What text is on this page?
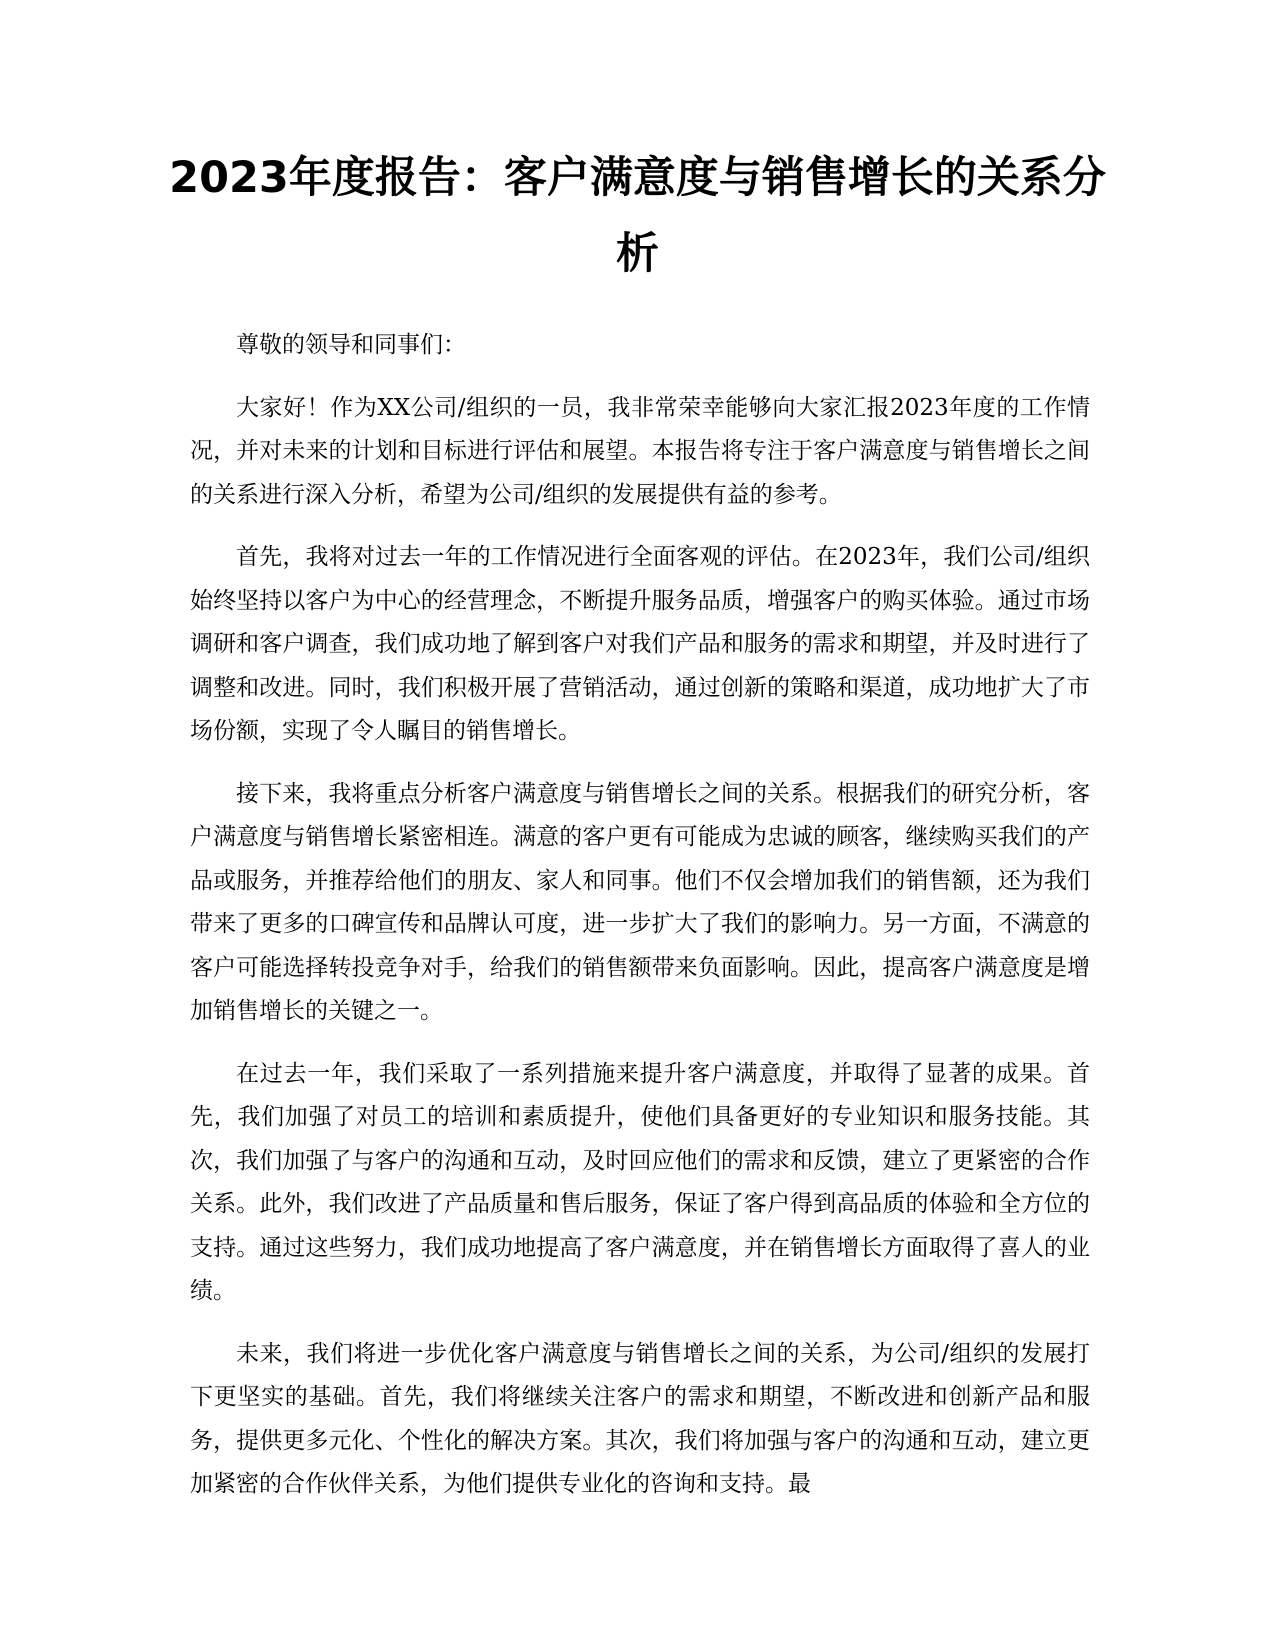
2023年度报告：客户满意度与销售增长的关系分析

尊敬的领导和同事们：

大家好！作为XX公司/组织的一员，我非常荣幸能够向大家汇报2023年度的工作情况，并对未来的计划和目标进行评估和展望。本报告将专注于客户满意度与销售增长之间的关系进行深入分析，希望为公司/组织的发展提供有益的参考。

首先，我将对过去一年的工作情况进行全面客观的评估。在2023年，我们公司/组织始终坚持以客户为中心的经营理念，不断提升服务品质，增强客户的购买体验。通过市场调研和客户调查，我们成功地了解到客户对我们产品和服务的需求和期望，并及时进行了调整和改进。同时，我们积极开展了营销活动，通过创新的策略和渠道，成功地扩大了市场份额，实现了令人瞩目的销售增长。

接下来，我将重点分析客户满意度与销售增长之间的关系。根据我们的研究分析，客户满意度与销售增长紧密相连。满意的客户更有可能成为忠诚的顾客，继续购买我们的产品或服务，并推荐给他们的朋友、家人和同事。他们不仅会增加我们的销售额，还为我们带来了更多的口碑宣传和品牌认可度，进一步扩大了我们的影响力。另一方面，不满意的客户可能选择转投竞争对手，给我们的销售额带来负面影响。因此，提高客户满意度是增加销售增长的关键之一。

在过去一年，我们采取了一系列措施来提升客户满意度，并取得了显著的成果。首先，我们加强了对员工的培训和素质提升，使他们具备更好的专业知识和服务技能。其次，我们加强了与客户的沟通和互动，及时回应他们的需求和反馈，建立了更紧密的合作关系。此外，我们改进了产品质量和售后服务，保证了客户得到高品质的体验和全方位的支持。通过这些努力，我们成功地提高了客户满意度，并在销售增长方面取得了喜人的业绩。

未来，我们将进一步优化客户满意度与销售增长之间的关系，为公司/组织的发展打下更坚实的基础。首先，我们将继续关注客户的需求和期望，不断改进和创新产品和服务，提供更多元化、个性化的解决方案。其次，我们将加强与客户的沟通和互动，建立更加紧密的合作伙伴关系，为他们提供专业化的咨询和支持。最
